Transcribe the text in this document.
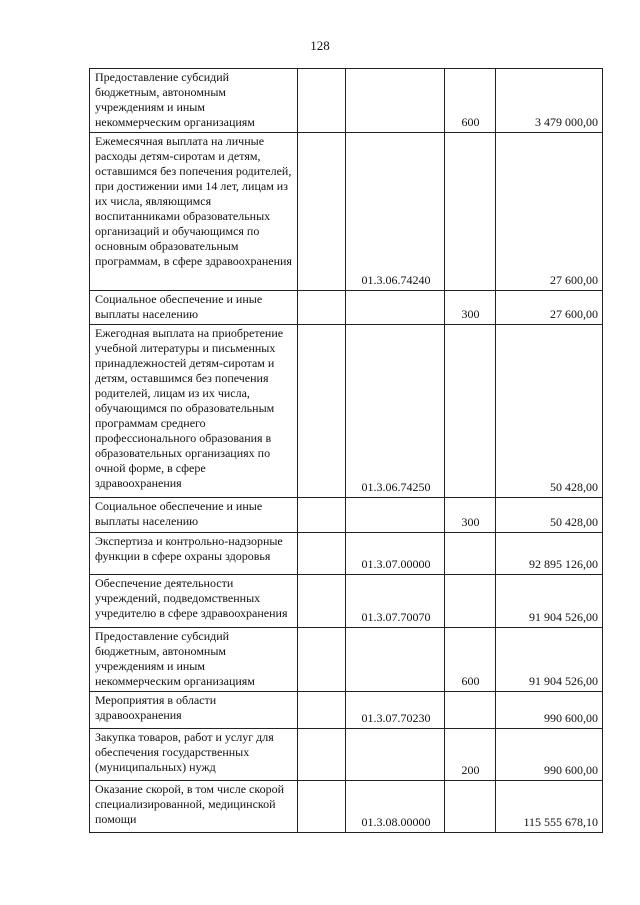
128
Предоставление субсидий бюджетным, автономным учреждениям и иным некоммерческим организациям			600	3 479 000,00
Ежемесячная выплата на личные расходы детям-сиротам и детям, оставшимся без попечения родителей, при достижении ими 14 лет, лицам из их числа, являющимся воспитанниками образовательных организаций и обучающимся по основным образовательным программам, в сфере здравоохранения		01.3.06.74240		27 600,00
Социальное обеспечение и иные выплаты населению			300	27 600,00
Ежегодная выплата на приобретение учебной литературы и письменных принадлежностей детям-сиротам и детям, оставшимся без попечения родителей, лицам из их числа, обучающимся по образовательным программам среднего профессионального образования в образовательных организациях по очной форме, в сфере здравоохранения		01.3.06.74250		50 428,00
Социальное обеспечение и иные выплаты населению			300	50 428,00
Экспертиза и контрольно-надзорные функции в сфере охраны здоровья		01.3.07.00000		92 895 126,00
Обеспечение деятельности учреждений, подведомственных учредителю в сфере здравоохранения		01.3.07.70070		91 904 526,00
Предоставление субсидий бюджетным, автономным учреждениям и иным некоммерческим организациям			600	91 904 526,00
Мероприятия в области здравоохранения		01.3.07.70230		990 600,00
Закупка товаров, работ и услуг для обеспечения государственных (муниципальных) нужд			200	990 600,00
Оказание скорой, в том числе скорой специализированной, медицинской помощи		01.3.08.00000		115 555 678,10
